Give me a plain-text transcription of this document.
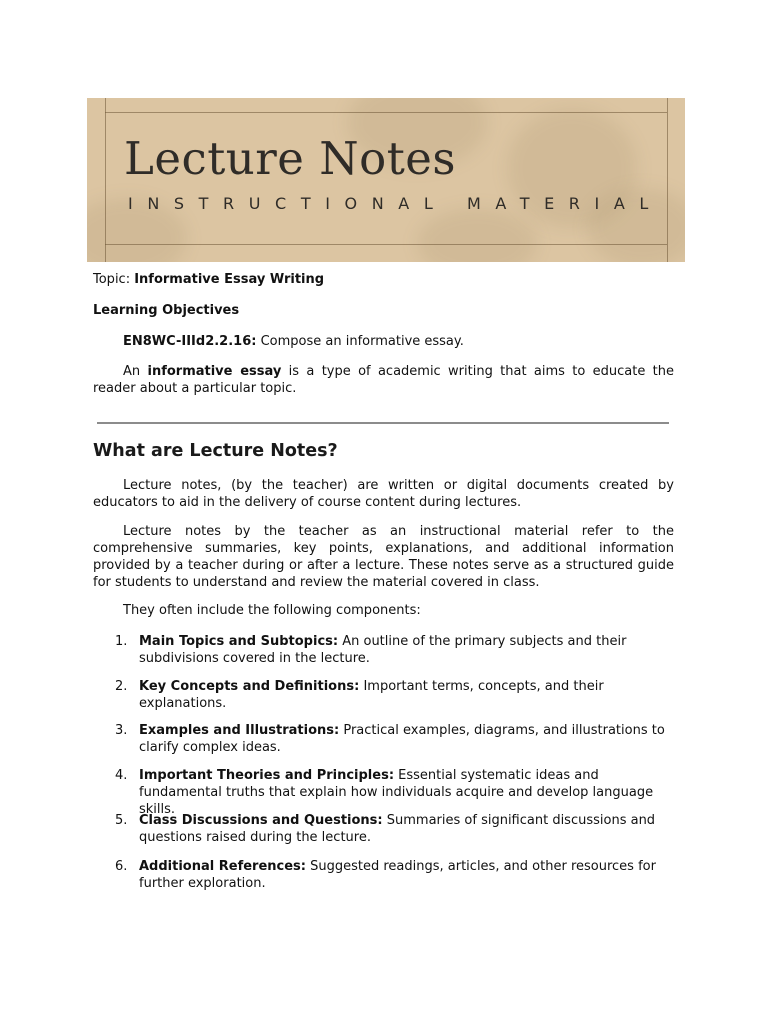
Lecture Notes
INSTRUCTIONAL MATERIAL
Topic: Informative Essay Writing
Learning Objectives
EN8WC-IIId2.2.16: Compose an informative essay.
An informative essay is a type of academic writing that aims to educate the reader about a particular topic.
What are Lecture Notes?
Lecture notes, (by the teacher) are written or digital documents created by educators to aid in the delivery of course content during lectures.
Lecture notes by the teacher as an instructional material refer to the comprehensive summaries, key points, explanations, and additional information provided by a teacher during or after a lecture. These notes serve as a structured guide for students to understand and review the material covered in class.
They often include the following components:
1. Main Topics and Subtopics: An outline of the primary subjects and their subdivisions covered in the lecture.
2. Key Concepts and Definitions: Important terms, concepts, and their explanations.
3. Examples and Illustrations: Practical examples, diagrams, and illustrations to clarify complex ideas.
4. Important Theories and Principles: Essential systematic ideas and fundamental truths that explain how individuals acquire and develop language skills.
5. Class Discussions and Questions: Summaries of significant discussions and questions raised during the lecture.
6. Additional References: Suggested readings, articles, and other resources for further exploration.
